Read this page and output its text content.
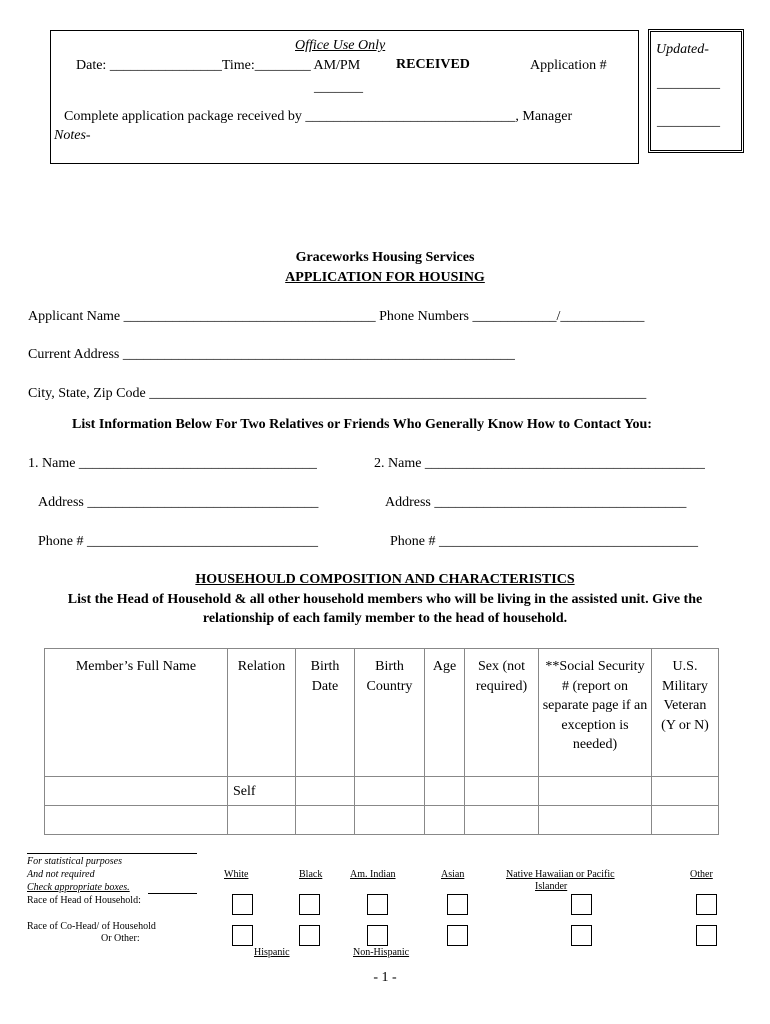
Office Use Only
Date: ________________Time:________ AM/PM	RECEIVED	Application #
_______
Complete application package received by ______________________________, Manager
Notes-
Updated-
_________
_________
Graceworks Housing Services
APPLICATION FOR HOUSING
Applicant Name ____________________________________ Phone Numbers ____________/____________
Current Address ________________________________________________________
City, State, Zip Code _______________________________________________________________________
List Information Below For Two Relatives or Friends Who Generally Know How to Contact You:
1. Name __________________________________	2. Name ________________________________________
Address _________________________________	Address ____________________________________
Phone # _________________________________	Phone # _____________________________________
HOUSEHOULD COMPOSITION AND CHARACTERISTICS
List the Head of Household & all other household members who will be living in the assisted unit. Give the
relationship of each family member to the head of household.
Member’s Full Name	Relation	Birth Date	Birth Country	Age	Sex (not required)	**Social Security # (report on separate page if an exception is needed)	U.S. Military Veteran (Y or N)
	Self						

For statistical purposes
And not required
Check appropriate boxes.
Race of Head of Household:
Race of Co-Head/ of Household
Or Other:
White	Black	Am. Indian	Asian	Native Hawaiian or Pacific
Islander
Other
Hispanic	Non-Hispanic
- 1 -
